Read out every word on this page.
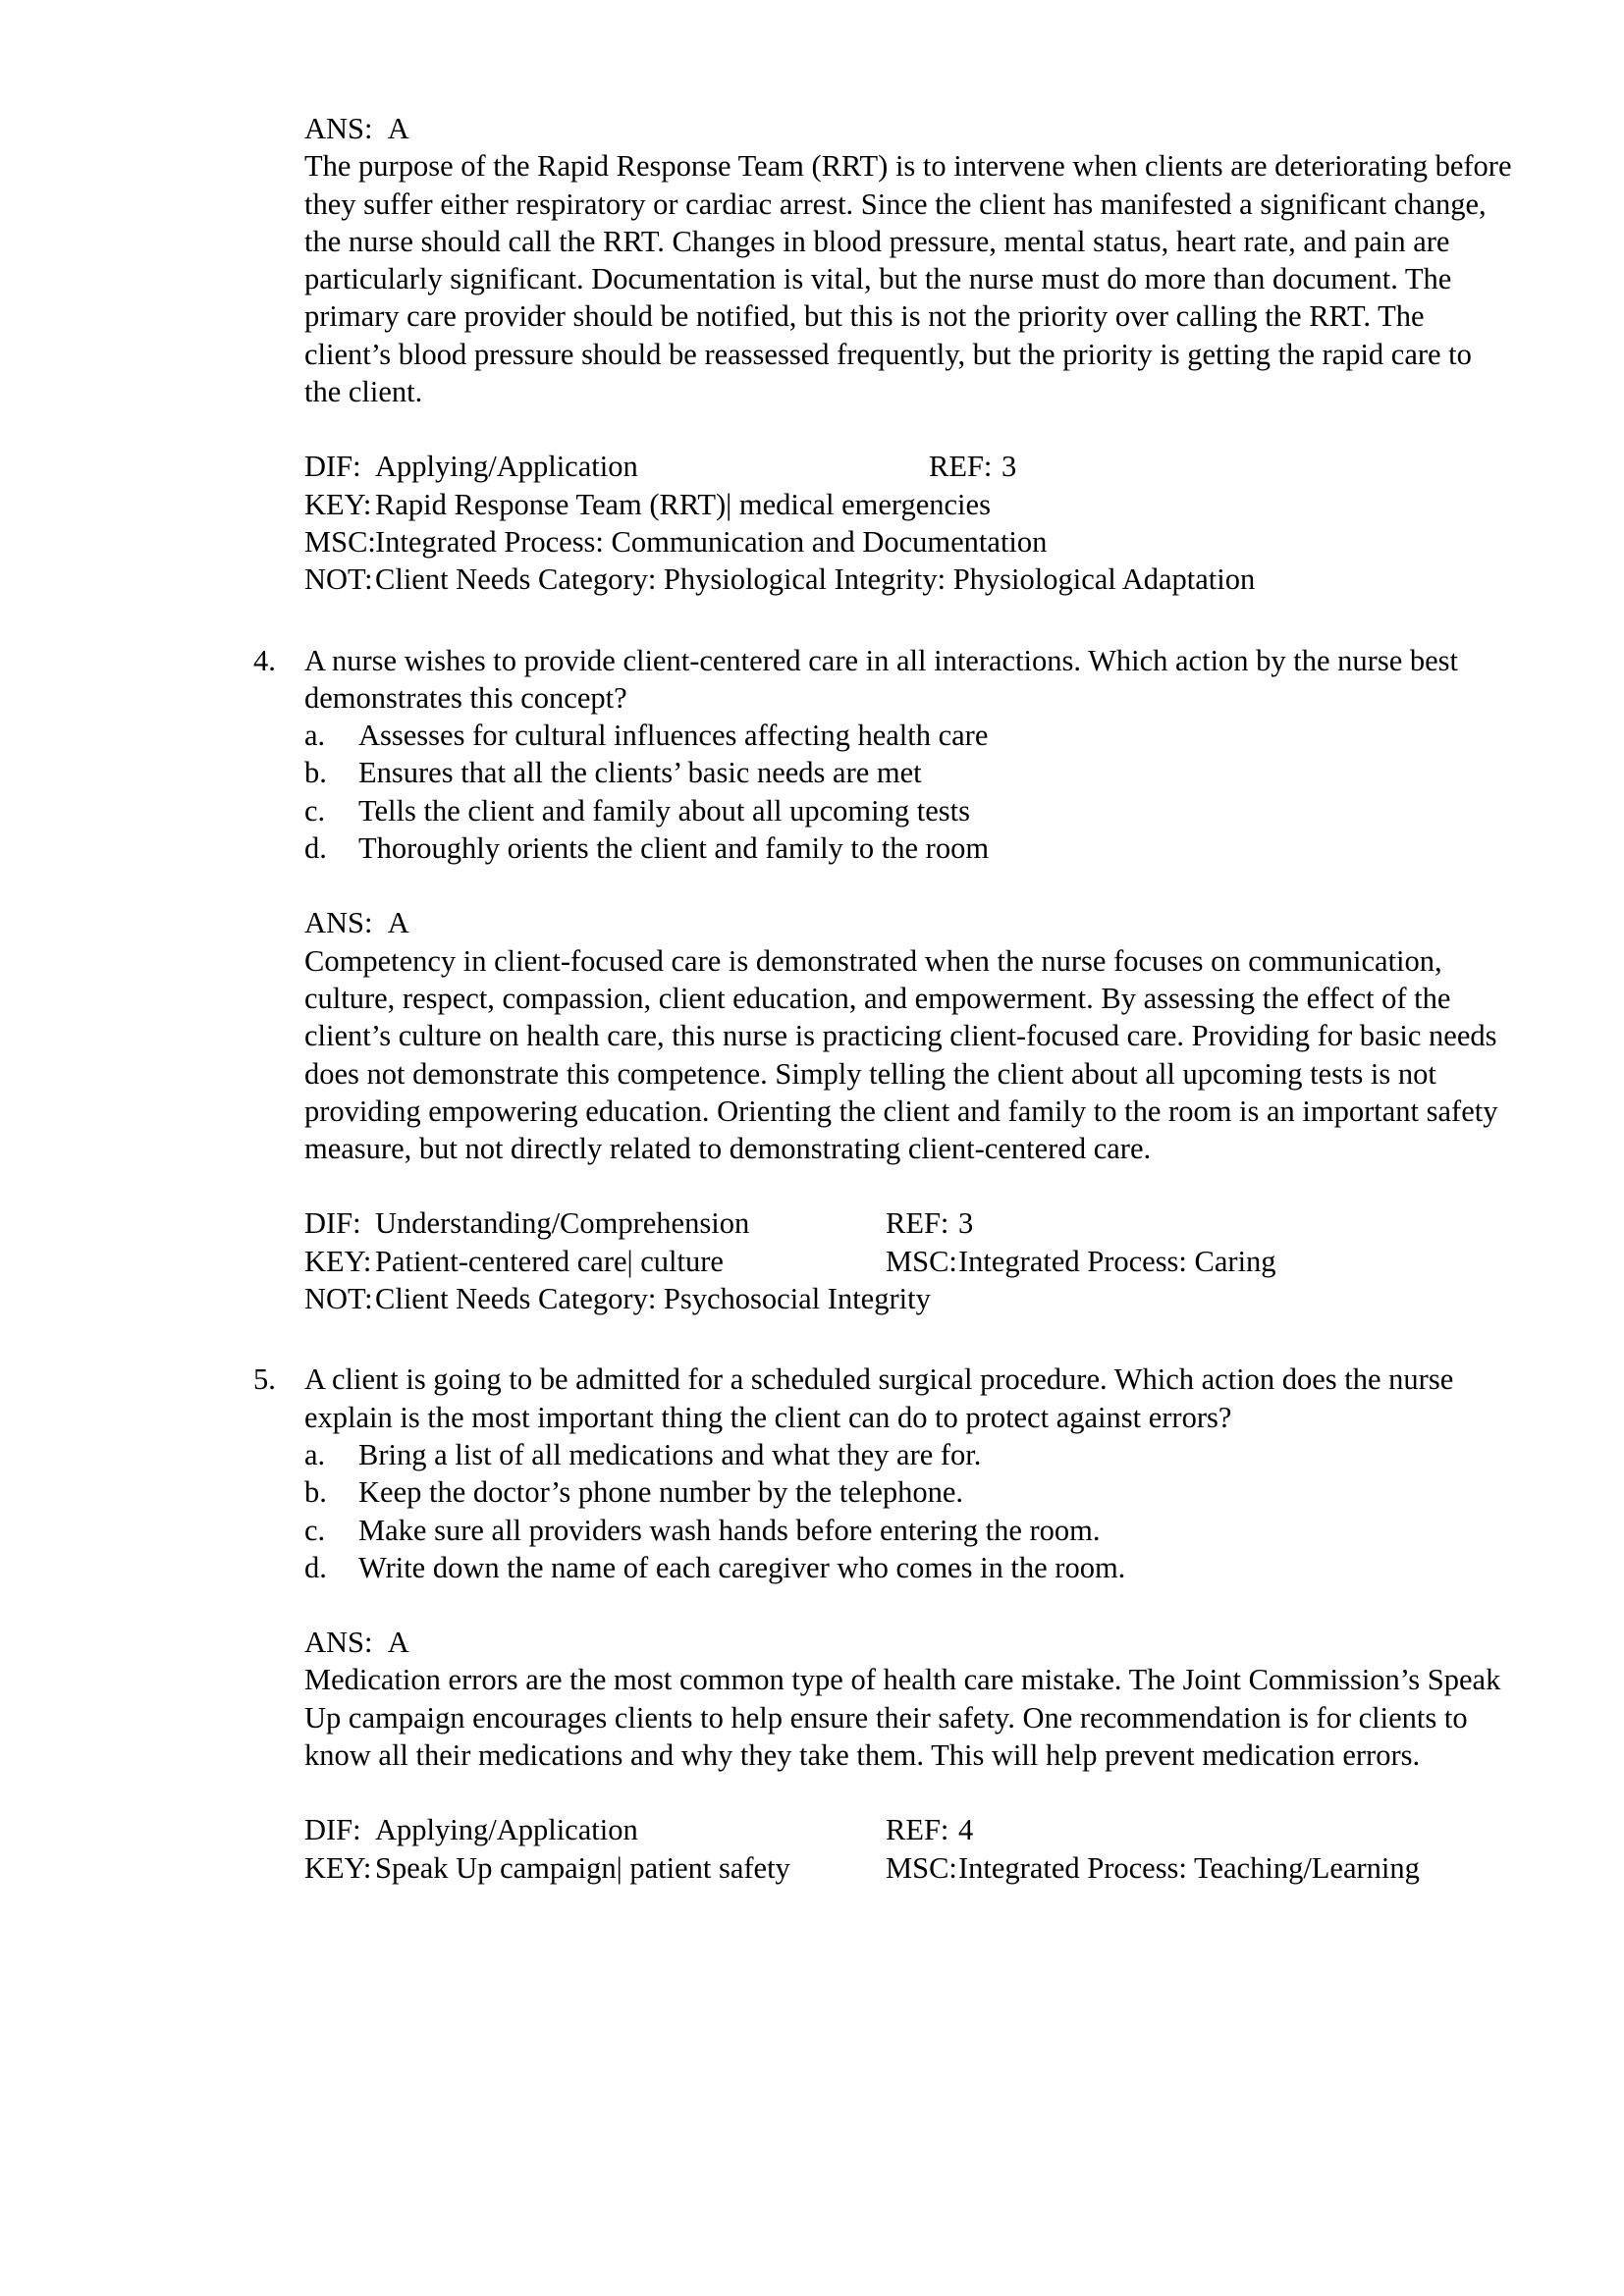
ANS: A
The purpose of the Rapid Response Team (RRT) is to intervene when clients are deteriorating before they suffer either respiratory or cardiac arrest. Since the client has manifested a significant change, the nurse should call the RRT. Changes in blood pressure, mental status, heart rate, and pain are particularly significant. Documentation is vital, but the nurse must do more than document. The primary care provider should be notified, but this is not the priority over calling the RRT. The client’s blood pressure should be reassessed frequently, but the priority is getting the rapid care to the client.
DIF: Applying/Application	REF: 3
KEY: Rapid Response Team (RRT)| medical emergencies
MSC:Integrated Process: Communication and Documentation
NOT:Client Needs Category: Physiological Integrity: Physiological Adaptation
4. A nurse wishes to provide client-centered care in all interactions. Which action by the nurse best demonstrates this concept?
a. Assesses for cultural influences affecting health care
b. Ensures that all the clients’ basic needs are met
c. Tells the client and family about all upcoming tests
d. Thoroughly orients the client and family to the room
ANS: A
Competency in client-focused care is demonstrated when the nurse focuses on communication, culture, respect, compassion, client education, and empowerment. By assessing the effect of the client’s culture on health care, this nurse is practicing client-focused care. Providing for basic needs does not demonstrate this competence. Simply telling the client about all upcoming tests is not providing empowering education. Orienting the client and family to the room is an important safety measure, but not directly related to demonstrating client-centered care.
DIF: Understanding/Comprehension	REF: 3
KEY: Patient-centered care| culture	MSC:Integrated Process: Caring
NOT:Client Needs Category: Psychosocial Integrity
5. A client is going to be admitted for a scheduled surgical procedure. Which action does the nurse explain is the most important thing the client can do to protect against errors?
a. Bring a list of all medications and what they are for.
b. Keep the doctor’s phone number by the telephone.
c. Make sure all providers wash hands before entering the room.
d. Write down the name of each caregiver who comes in the room.
ANS: A
Medication errors are the most common type of health care mistake. The Joint Commission’s Speak Up campaign encourages clients to help ensure their safety. One recommendation is for clients to know all their medications and why they take them. This will help prevent medication errors.
DIF: Applying/Application	REF: 4
KEY: Speak Up campaign| patient safety	MSC:Integrated Process: Teaching/Learning
